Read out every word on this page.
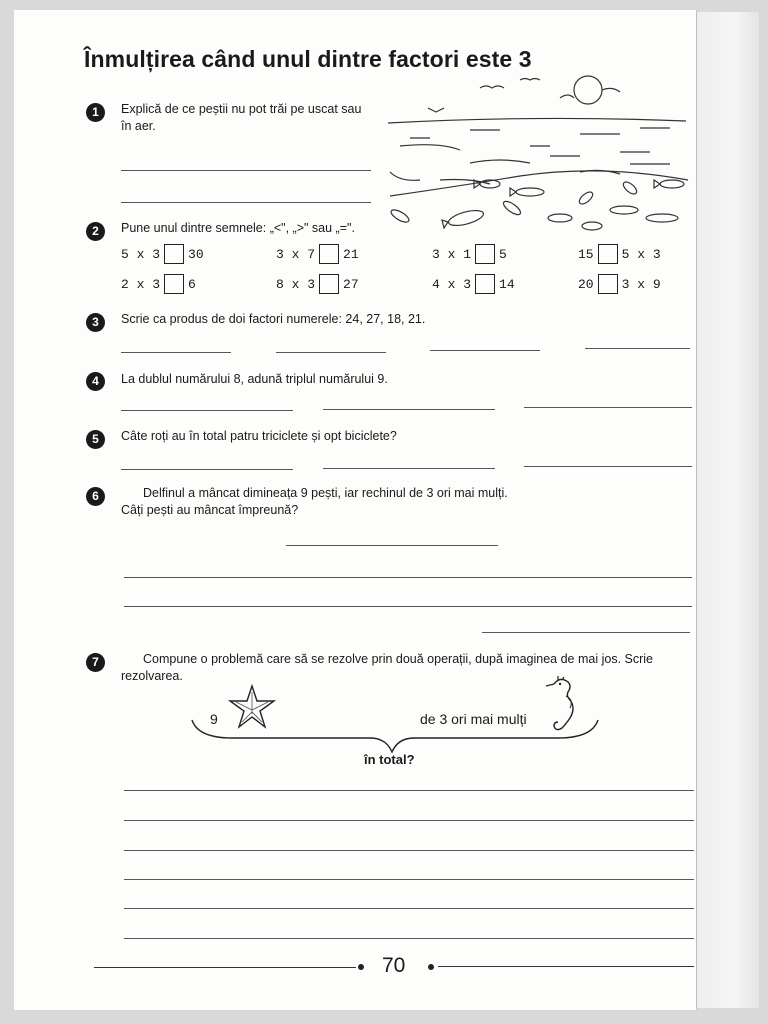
Înmulțirea când unul dintre factori este 3
1	Explică de ce peștii nu pot trăi pe uscat sau
în aer.
2	Pune unul dintre semnele: „<", „>" sau „=".
5 x 3 30	3 x 7 21	3 x 1 5	15 5 x 3
2 x 3 6	8 x 3 27	4 x 3 14	20 3 x 9
3	Scrie ca produs de doi factori numerele: 24, 27, 18, 21.
4	La dublul numărului 8, adună triplul numărului 9.
5	Câte roți au în total patru triciclete și opt biciclete?
6	Delfinul a mâncat dimineața 9 pești, iar rechinul de 3 ori mai mulți.
Câți pești au mâncat împreună?
7	Compune o problemă care să se rezolve prin două operații, după imaginea de mai jos. Scrie
rezolvarea.
9	de 3 ori mai mulți
în total?
70
